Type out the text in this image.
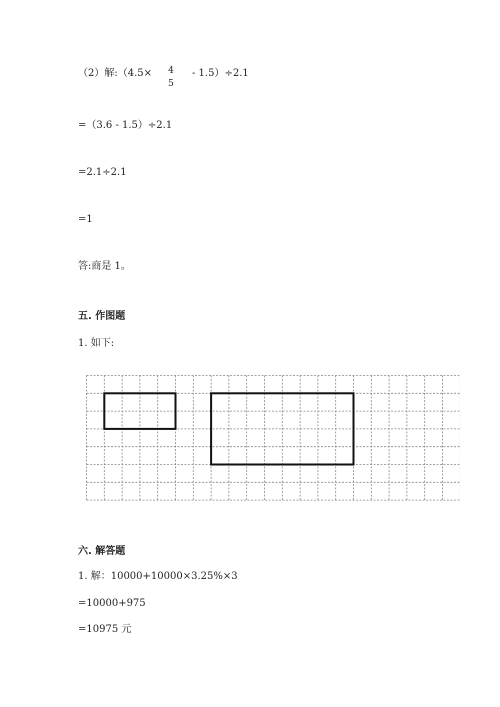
（2）解:（4.5× 4
5
- 1.5）÷2.1
=（3.6 - 1.5）÷2.1
=2.1÷2.1
=1
答:商是 1。
五. 作图题
1. 如下:
六. 解答题
1. 解：10000+10000×3.25%×3
=10000+975
=10975 元
